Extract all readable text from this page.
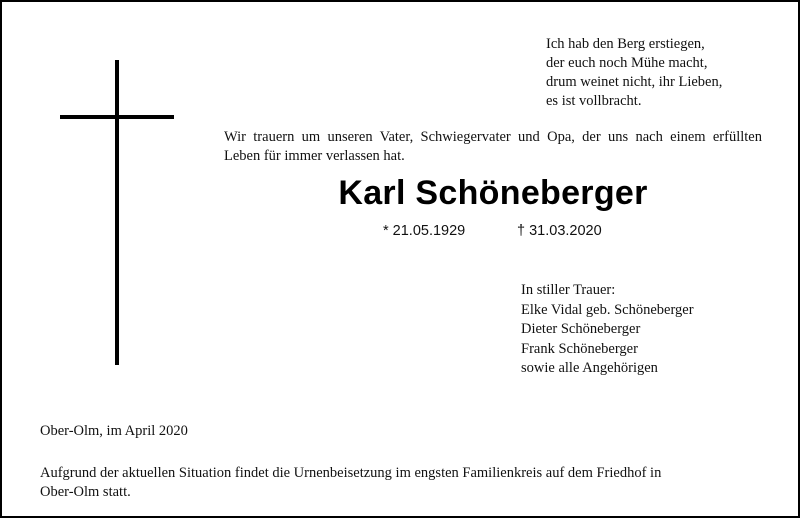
Ich hab den Berg erstiegen,
der euch noch Mühe macht,
drum weinet nicht, ihr Lieben,
es ist vollbracht.
Wir trauern um unseren Vater, Schwiegervater und Opa, der uns nach einem erfüllten
Leben für immer verlassen hat.
Karl Schöneberger
* 21.05.1929	† 31.03.2020
In stiller Trauer:
Elke Vidal geb. Schöneberger
Dieter Schöneberger
Frank Schöneberger
sowie alle Angehörigen
Ober-Olm, im April 2020
Aufgrund der aktuellen Situation findet die Urnenbeisetzung im engsten Familienkreis auf dem Friedhof in
Ober-Olm statt.
